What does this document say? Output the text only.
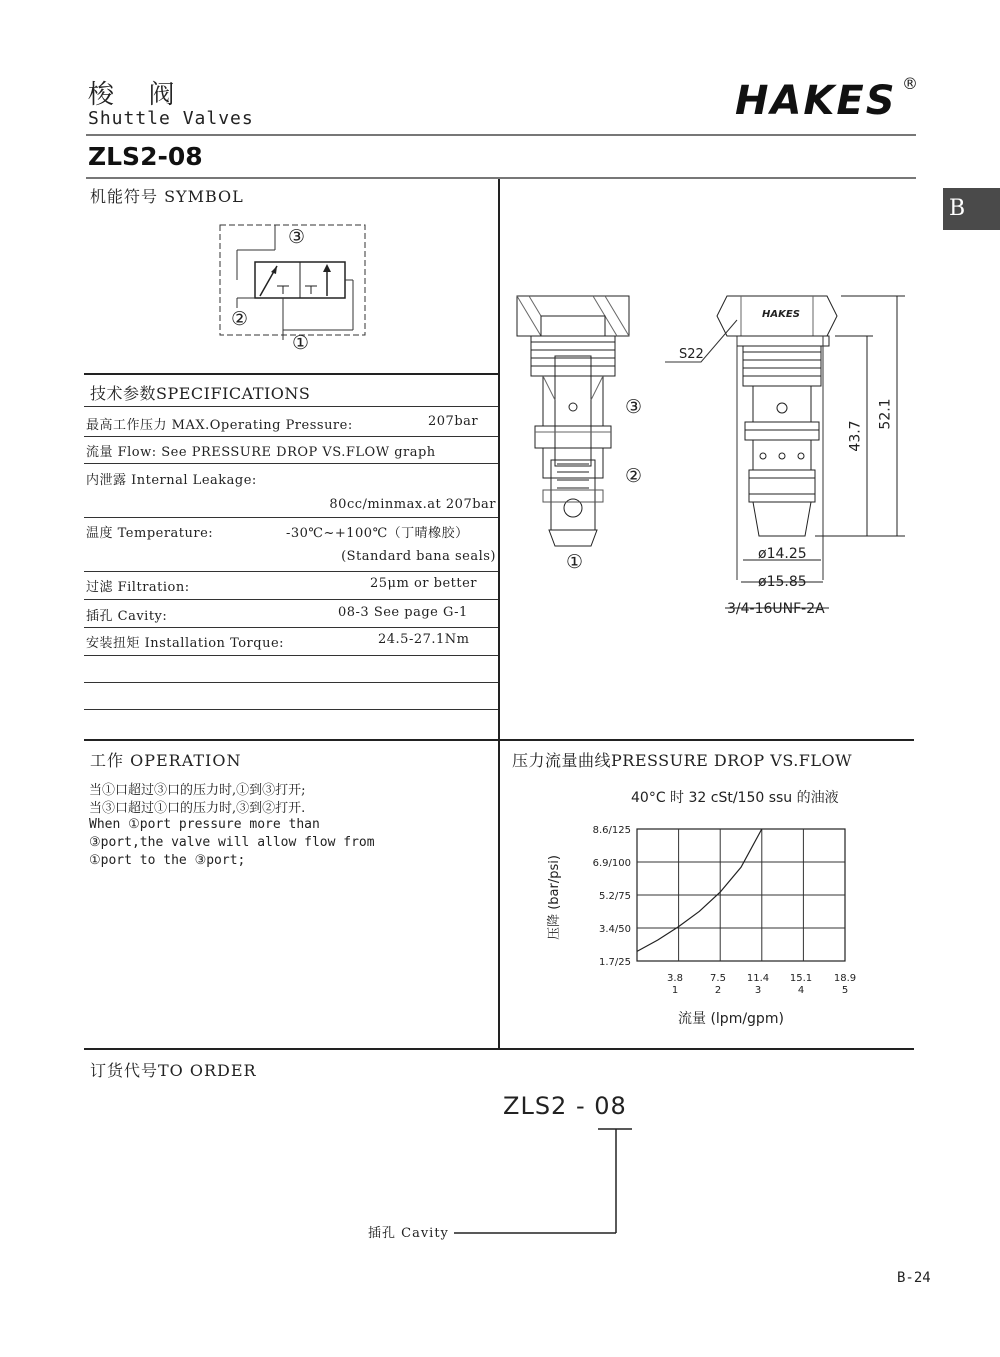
梭  阀
Shuttle Valves	HAKES ®
ZLS2-08
B
机能符号 SYMBOL
③
②
①
技术参数SPECIFICATIONS
最高工作压力 MAX.Operating Pressure:	207bar
流量 Flow: See PRESSURE DROP VS.FLOW graph
内泄露 Internal Leakage:
80cc/minmax.at 207bar
温度 Temperature:	-30℃~+100℃（丁晴橡胶）
(Standard bana seals)
过滤 Filtration:	25μm or better
插孔 Cavity:	08-3 See page G-1
安装扭矩 Installation Torque:	24.5-27.1Nm
HAKES
S22
③
②
①
43.7
52.1
ø14.25
ø15.85
3/4-16UNF-2A
工作 OPERATION
当①口超过③口的压力时,①到③打开;
当③口超过①口的压力时,③到②打开.
When ①port pressure more than
③port,the valve will allow flow from
①port to the ③port;
压力流量曲线PRESSURE DROP VS.FLOW
40°C 时 32 cSt/150 ssu 的油液
8.6/125
6.9/100
5.2/75
3.4/50
1.7/25
3.8
1
7.5
2
11.4
3
15.1
4
18.9
5
压降 (bar/psi)
流量 (lpm/gpm)
订货代号TO ORDER
ZLS2 - 08
插孔 Cavity
B-24
